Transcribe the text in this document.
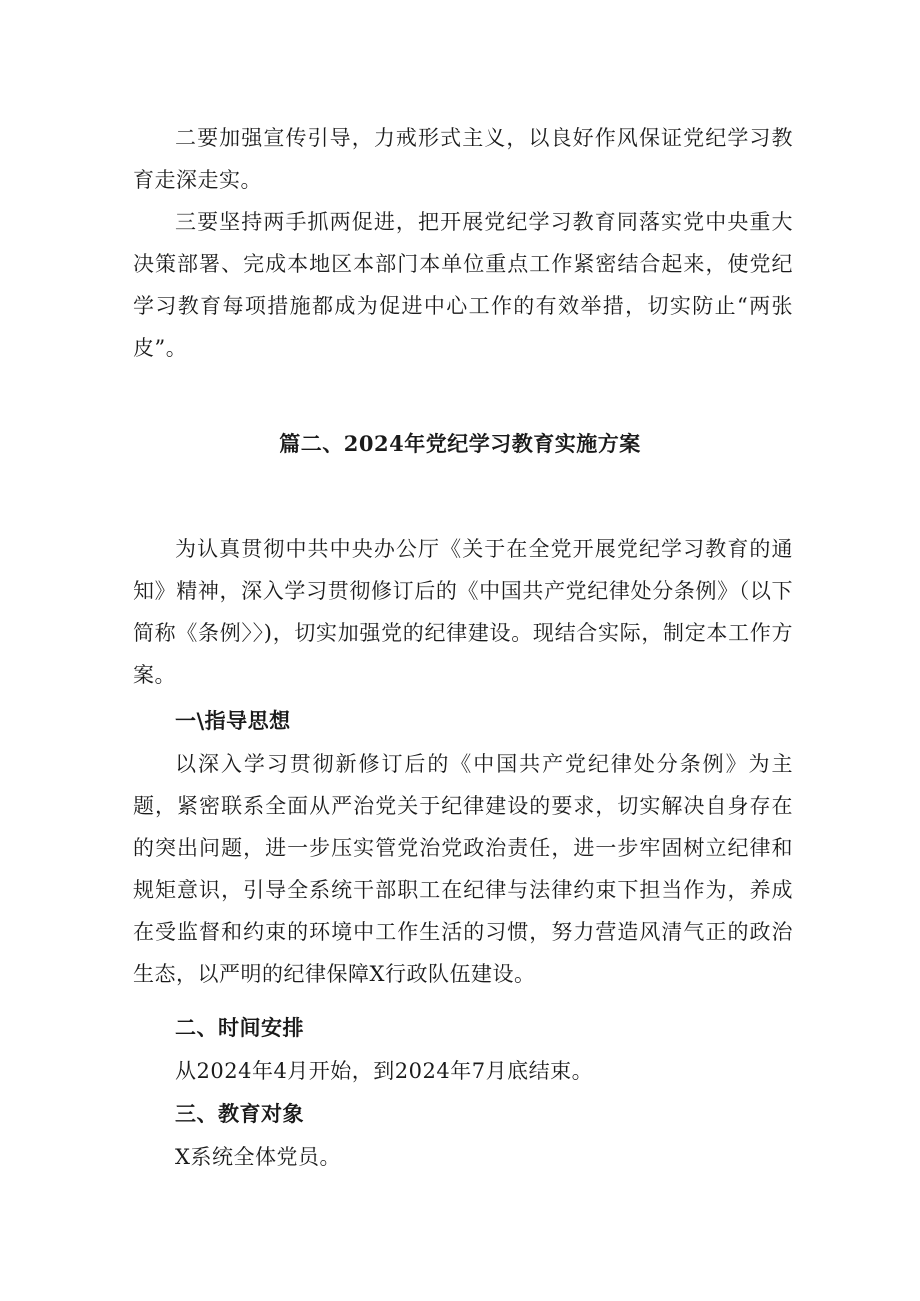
二要加强宣传引导，力戒形式主义，以良好作风保证党纪学习教育走深走实。

三要坚持两手抓两促进，把开展党纪学习教育同落实党中央重大决策部署、完成本地区本部门本单位重点工作紧密结合起来，使党纪学习教育每项措施都成为促进中心工作的有效举措，切实防止“两张皮”。

篇二、2024年党纪学习教育实施方案

为认真贯彻中共中央办公厅《关于在全党开展党纪学习教育的通知》精神，深入学习贯彻修订后的《中国共产党纪律处分条例》（以下简称《条例〉〉)，切实加强党的纪律建设。现结合实际，制定本工作方案。

一\指导思想

以深入学习贯彻新修订后的《中国共产党纪律处分条例》为主题，紧密联系全面从严治党关于纪律建设的要求，切实解决自身存在的突出问题，进一步压实管党治党政治责任，进一步牢固树立纪律和规矩意识，引导全系统干部职工在纪律与法律约束下担当作为，养成在受监督和约束的环境中工作生活的习惯，努力营造风清气正的政治生态，以严明的纪律保障X行政队伍建设。

二、时间安排

从2024年4月开始，到2024年7月底结束。

三、教育对象

X系统全体党员。
